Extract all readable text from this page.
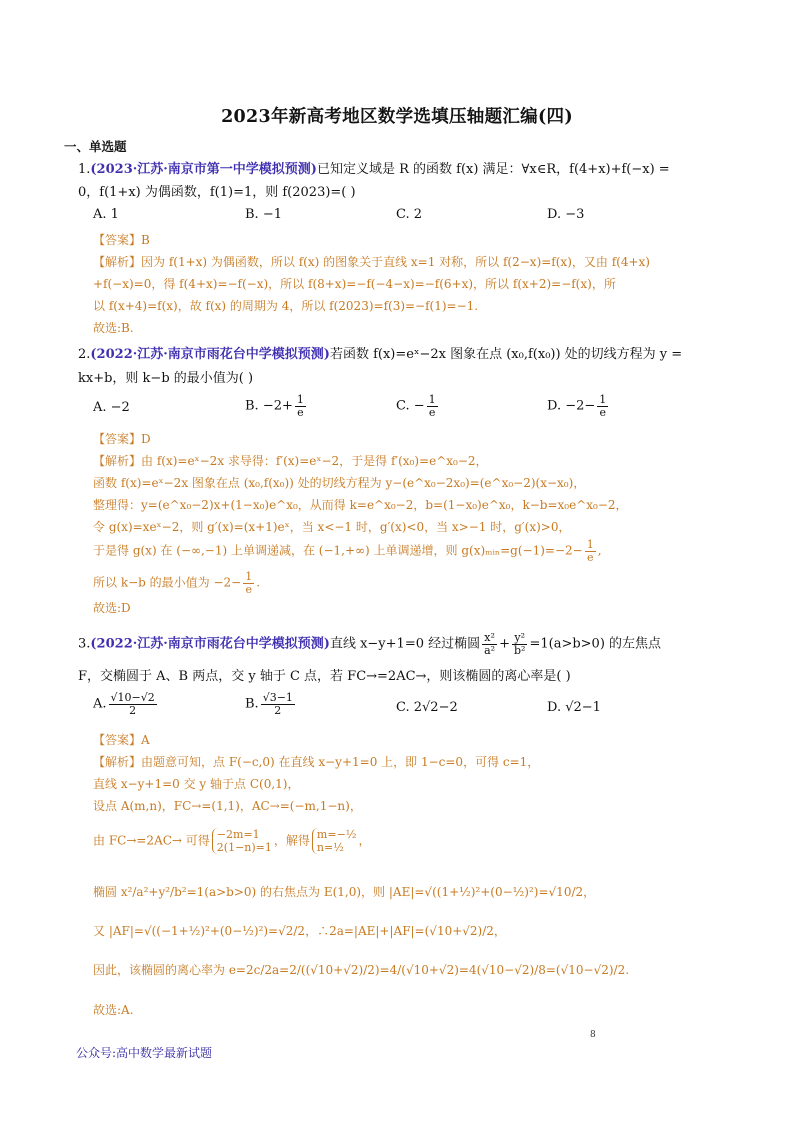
2023年新高考地区数学选填压轴题汇编(四)
一、单选题
1.(2023·江苏·南京市第一中学模拟预测)已知定义域是 R 的函数 f(x) 满足：∀x∈R，f(4+x)+f(−x) =
0，f(1+x) 为偶函数，f(1)=1，则 f(2023)=( )
A. 1	B. −1	C. 2	D. −3
【答案】B
【解析】因为 f(1+x) 为偶函数，所以 f(x) 的图象关于直线 x=1 对称，所以 f(2−x)=f(x)，又由 f(4+x)
+f(−x)=0，得 f(4+x)=−f(−x)，所以 f(8+x)=−f(−4−x)=−f(6+x)，所以 f(x+2)=−f(x)，所
以 f(x+4)=f(x)，故 f(x) 的周期为 4，所以 f(2023)=f(3)=−f(1)=−1.
故选:B.
2.(2022·江苏·南京市雨花台中学模拟预测)若函数 f(x)=eˣ−2x 图象在点 (x₀,f(x₀)) 处的切线方程为 y =
kx+b，则 k−b 的最小值为( )
A. −2	B. $-2+ \frac{1}{e}$	C. − $\frac{1}{e}$	D. $-2- \frac{1}{e}$
【答案】D
【解析】由 f(x)=eˣ−2x 求导得：f′(x)=eˣ−2，于是得 f′(x₀)=e^x₀−2，
函数 f(x)=eˣ−2x 图象在点 (x₀,f(x₀)) 处的切线方程为 y−(e^x₀−2x₀)=(e^x₀−2)(x−x₀)，
整理得：y=(e^x₀−2)x+(1−x₀)e^x₀，从而得 k=e^x₀−2，b=(1−x₀)e^x₀，k−b=x₀e^x₀−2，
令 g(x)=xeˣ−2，则 g′(x)=(x+1)eˣ，当 x<−1 时，g′(x)<0，当 x>−1 时，g′(x)>0，
于是得 g(x) 在 (−∞,−1) 上单调递减，在 (−1,+∞) 上单调递增，则 g(x)ₘᵢₙ=g(−1)=−2− $\frac{1}{e}$ ,
所以 k−b 的最小值为 $-2- \frac{1}{e}$ .
故选:D
3.(2022·江苏·南京市雨花台中学模拟预测)直线 x−y+1=0 经过椭圆 $\frac{\text{x²}}{\text{a²}} + \frac{\text{y²}}{\text{b²}} =1(a>b>0)$ 的左焦点
F，交椭圆于 A、B 两点，交 y 轴于 C 点，若 FC→=2AC→，则该椭圆的离心率是( )
A. $\frac{√10-√2}{2}$	B. $\frac{√3-1}{2}$	C. 2√2−2	D. √2−1
【答案】A
【解析】由题意可知，点 F(−c,0) 在直线 x−y+1=0 上，即 1−c=0，可得 c=1，
直线 x−y+1=0 交 y 轴于点 C(0,1)，
设点 A(m,n)，FC→=(1,1)，AC→=(−m,1−n)，
由 FC→=2AC→ 可得 −2m=1
2(1−n)=1 ，解得 m=−½
n=½	，
椭圆 x²/a²+y²/b²=1(a>b>0) 的右焦点为 E(1,0)，则 |AE|=√((1+½)²+(0−½)²)=√10/2，
又 |AF|=√((−1+½)²+(0−½)²)=√2/2，∴2a=|AE|+|AF|=(√10+√2)/2，
因此，该椭圆的离心率为 e=2c/2a=2/((√10+√2)/2)=4/(√10+√2)=4(√10−√2)/8=(√10−√2)/2.
故选:A.
8
公众号:高中数学最新试题
